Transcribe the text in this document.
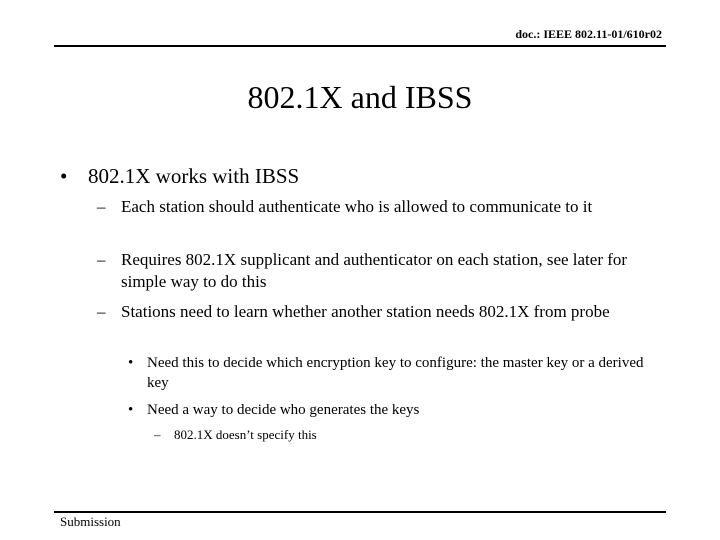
doc.: IEEE 802.11-01/610r02
802.1X and IBSS
• 802.1X works with IBSS
– Each station should authenticate who is allowed to communicate to it
– Requires 802.1X supplicant and authenticator on each station, see later for simple way to do this
– Stations need to learn whether another station needs 802.1X from probe
• Need this to decide which encryption key to configure: the master key or a derived key
• Need a way to decide who generates the keys
– 802.1X doesn’t specify this
Submission
